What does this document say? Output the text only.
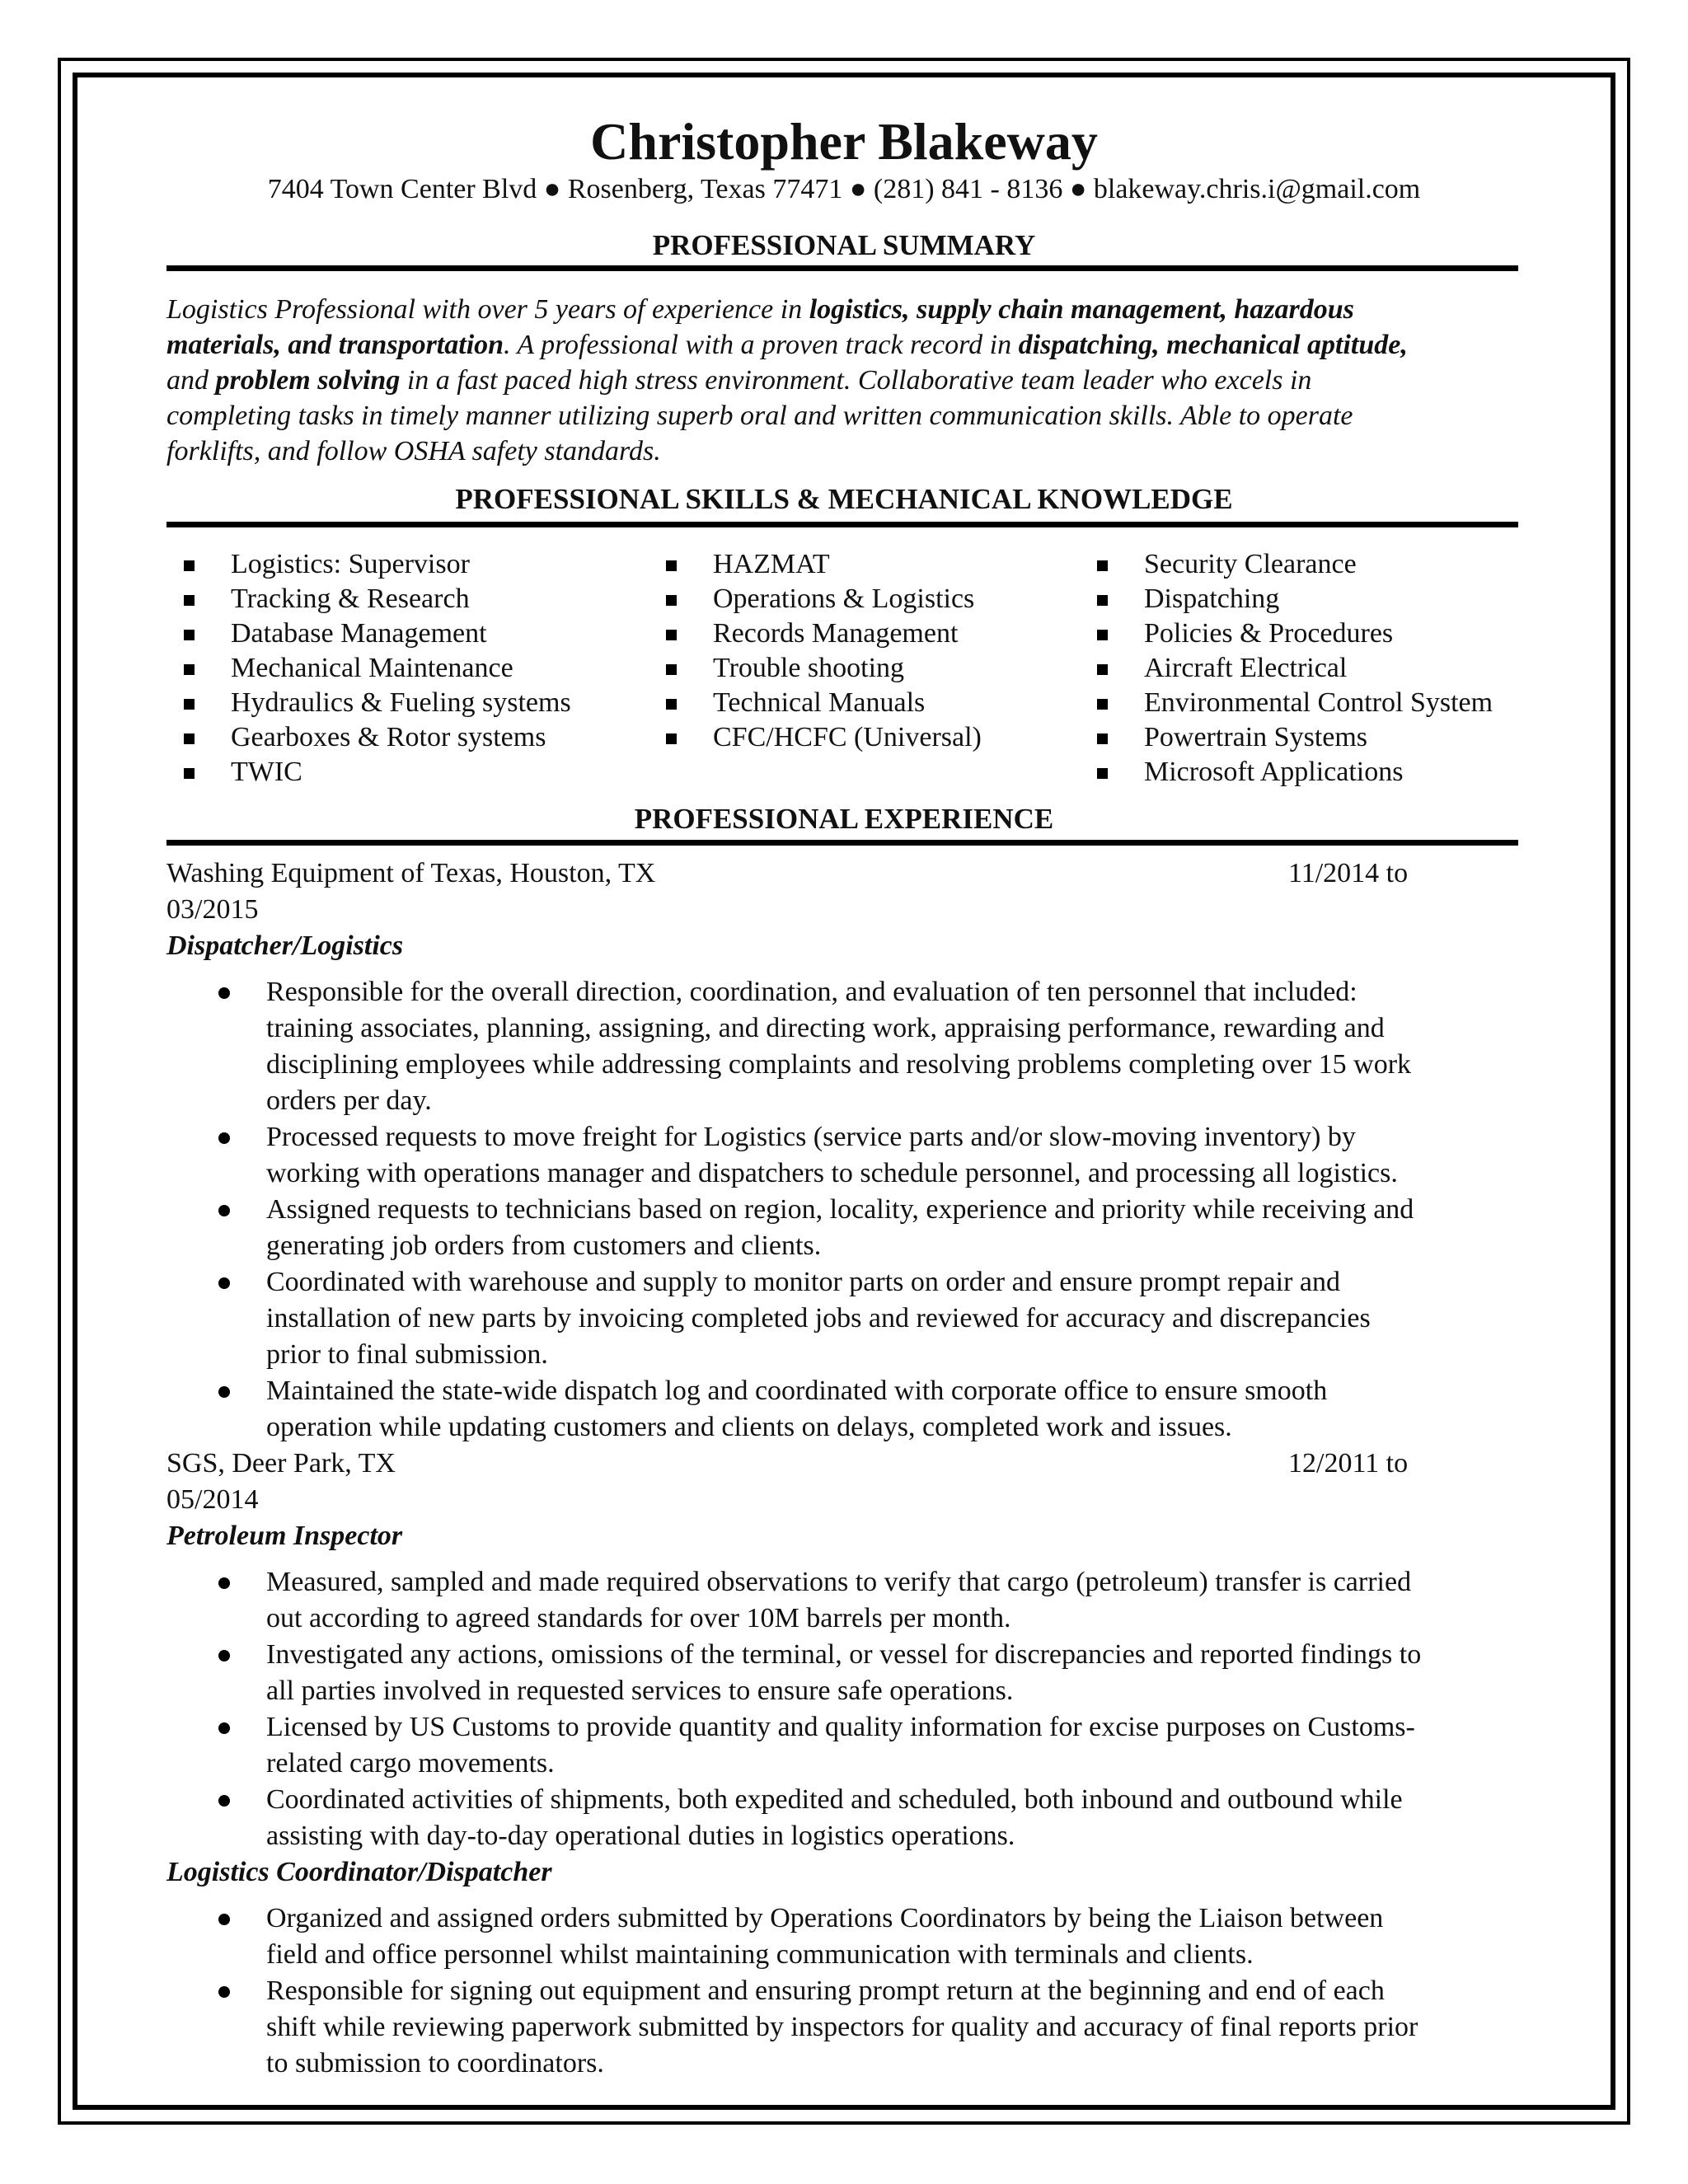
Christopher Blakeway
7404 Town Center Blvd ● Rosenberg, Texas 77471 ● (281) 841 - 8136 ● blakeway.chris.i@gmail.com
PROFESSIONAL SUMMARY

Logistics Professional with over 5 years of experience in logistics, supply chain management, hazardous

materials, and transportation. A professional with a proven track record in dispatching, mechanical aptitude,

and problem solving in a fast paced high stress environment. Collaborative team leader who excels in

completing tasks in timely manner utilizing superb oral and written communication skills. Able to operate

forklifts, and follow OSHA safety standards.

PROFESSIONAL SKILLS & MECHANICAL KNOWLEDGE
Logistics: Supervisor
Tracking & Research
Database Management
Mechanical Maintenance
Hydraulics & Fueling systems
Gearboxes & Rotor systems
TWIC
HAZMAT
Operations & Logistics
Records Management
Trouble shooting
Technical Manuals
CFC/HCFC (Universal)
Security Clearance
Dispatching
Policies & Procedures
Aircraft Electrical
Environmental Control System
Powertrain Systems
Microsoft Applications
PROFESSIONAL EXPERIENCE
Washing Equipment of Texas, Houston, TX	11/2014 to
03/2015
Dispatcher/Logistics
Responsible for the overall direction, coordination, and evaluation of ten personnel that included:
training associates, planning, assigning, and directing work, appraising performance, rewarding and
disciplining employees while addressing complaints and resolving problems completing over 15 work
orders per day.
Processed requests to move freight for Logistics (service parts and/or slow-moving inventory) by
working with operations manager and dispatchers to schedule personnel, and processing all logistics.
Assigned requests to technicians based on region, locality, experience and priority while receiving and
generating job orders from customers and clients.
Coordinated with warehouse and supply to monitor parts on order and ensure prompt repair and
installation of new parts by invoicing completed jobs and reviewed for accuracy and discrepancies
prior to final submission.
Maintained the state-wide dispatch log and coordinated with corporate office to ensure smooth
operation while updating customers and clients on delays, completed work and issues.
SGS, Deer Park, TX	12/2011 to
05/2014
Petroleum Inspector
Measured, sampled and made required observations to verify that cargo (petroleum) transfer is carried
out according to agreed standards for over 10M barrels per month.
Investigated any actions, omissions of the terminal, or vessel for discrepancies and reported findings to
all parties involved in requested services to ensure safe operations.
Licensed by US Customs to provide quantity and quality information for excise purposes on Customs-
related cargo movements.
Coordinated activities of shipments, both expedited and scheduled, both inbound and outbound while
assisting with day-to-day operational duties in logistics operations.
Logistics Coordinator/Dispatcher
Organized and assigned orders submitted by Operations Coordinators by being the Liaison between
field and office personnel whilst maintaining communication with terminals and clients.
Responsible for signing out equipment and ensuring prompt return at the beginning and end of each
shift while reviewing paperwork submitted by inspectors for quality and accuracy of final reports prior
to submission to coordinators.
